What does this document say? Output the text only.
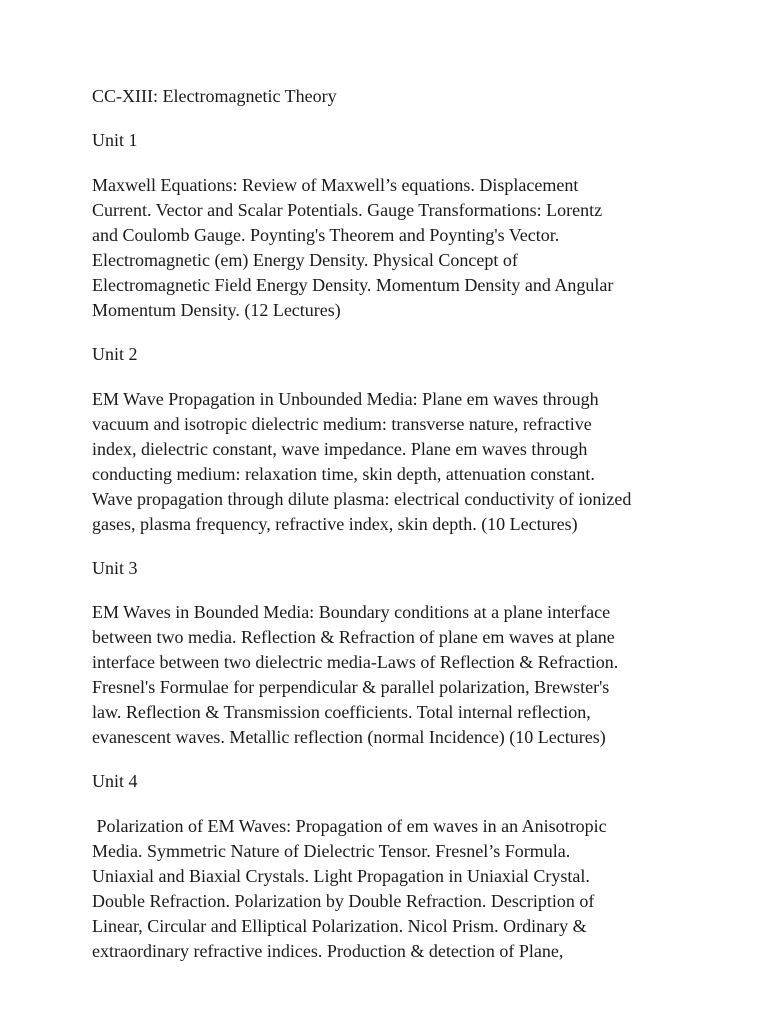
CC-XIII: Electromagnetic Theory
Unit 1
Maxwell Equations: Review of Maxwell’s equations. Displacement
Current. Vector and Scalar Potentials. Gauge Transformations: Lorentz
and Coulomb Gauge. Poynting's Theorem and Poynting's Vector.
Electromagnetic (em) Energy Density. Physical Concept of
Electromagnetic Field Energy Density. Momentum Density and Angular
Momentum Density. (12 Lectures)
Unit 2
EM Wave Propagation in Unbounded Media: Plane em waves through
vacuum and isotropic dielectric medium: transverse nature, refractive
index, dielectric constant, wave impedance. Plane em waves through
conducting medium: relaxation time, skin depth, attenuation constant.
Wave propagation through dilute plasma: electrical conductivity of ionized
gases, plasma frequency, refractive index, skin depth. (10 Lectures)
Unit 3
EM Waves in Bounded Media: Boundary conditions at a plane interface
between two media. Reflection & Refraction of plane em waves at plane
interface between two dielectric media-Laws of Reflection & Refraction.
Fresnel's Formulae for perpendicular & parallel polarization, Brewster's
law. Reflection & Transmission coefficients. Total internal reflection,
evanescent waves. Metallic reflection (normal Incidence) (10 Lectures)
Unit 4
Polarization of EM Waves: Propagation of em waves in an Anisotropic
Media. Symmetric Nature of Dielectric Tensor. Fresnel’s Formula.
Uniaxial and Biaxial Crystals. Light Propagation in Uniaxial Crystal.
Double Refraction. Polarization by Double Refraction. Description of
Linear, Circular and Elliptical Polarization. Nicol Prism. Ordinary &
extraordinary refractive indices. Production & detection of Plane,
